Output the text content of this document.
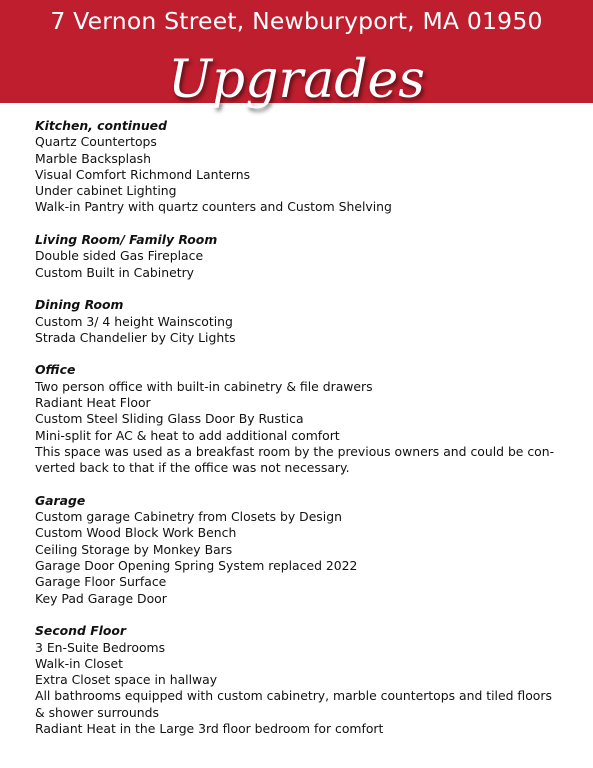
7 Vernon Street, Newburyport, MA 01950
Upgrades
Kitchen, continued
Quartz Countertops
Marble Backsplash
Visual Comfort Richmond Lanterns
Under cabinet Lighting
Walk-in Pantry with quartz counters and Custom Shelving
Living Room/ Family Room
Double sided Gas Fireplace
Custom Built in Cabinetry
Dining Room
Custom 3/ 4 height Wainscoting
Strada Chandelier by City Lights
Office
Two person office with built-in cabinetry & file drawers
Radiant Heat Floor
Custom Steel Sliding Glass Door By Rustica
Mini-split for AC & heat to add additional comfort
This space was used as a breakfast room by the previous owners and could be con-verted back to that if the office was not necessary.
Garage
Custom garage Cabinetry from Closets by Design
Custom Wood Block Work Bench
Ceiling Storage by Monkey Bars
Garage Door Opening Spring System replaced 2022
Garage Floor Surface
Key Pad Garage Door
Second Floor
3 En-Suite Bedrooms
Walk-in Closet
Extra Closet space in hallway
All bathrooms equipped with custom cabinetry, marble countertops and tiled floors & shower surrounds
Radiant Heat in the Large 3rd floor bedroom for comfort
